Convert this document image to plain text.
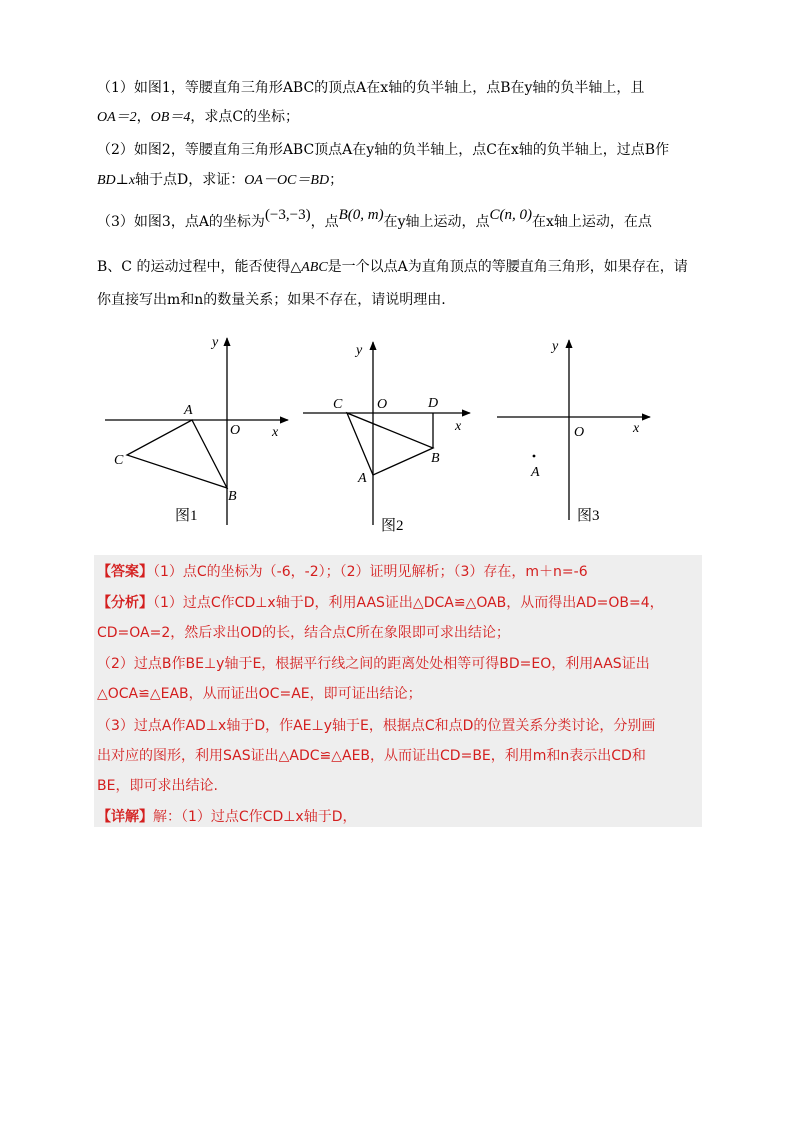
（1）如图1，等腰直角三角形ABC的顶点A在x轴的负半轴上，点B在y轴的负半轴上，且
OA＝2，OB＝4，求点C的坐标；
（2）如图2，等腰直角三角形ABC顶点A在y轴的负半轴上，点C在x轴的负半轴上，过点B作
BD⊥x轴于点D，求证：OA－OC＝BD；
（3）如图3，点A的坐标为(−3,−3)，点B(0, m)在y轴上运动，点C(n, 0)在x轴上运动，在点
B、C 的运动过程中，能否使得△ABC是一个以点A为直角顶点的等腰直角三角形，如果存在，请
你直接写出m和n的数量关系；如果不存在，请说明理由.
y
x
O
A
B
C
图1
y
x
O
C	D
B
A
图2
y
x
O
A
图3
【答案】（1）点C的坐标为（-6，-2）；（2）证明见解析；（3）存在，m＋n=-6
【分析】（1）过点C作CD⊥x轴于D，利用AAS证出△DCA≌△OAB，从而得出AD=OB=4，
CD=OA=2，然后求出OD的长，结合点C所在象限即可求出结论；
（2）过点B作BE⊥y轴于E，根据平行线之间的距离处处相等可得BD=EO，利用AAS证出
△OCA≌△EAB，从而证出OC=AE，即可证出结论；
（3）过点A作AD⊥x轴于D，作AE⊥y轴于E，根据点C和点D的位置关系分类讨论，分别画
出对应的图形，利用SAS证出△ADC≌△AEB，从而证出CD=BE，利用m和n表示出CD和
BE，即可求出结论.
【详解】解：（1）过点C作CD⊥x轴于D，
